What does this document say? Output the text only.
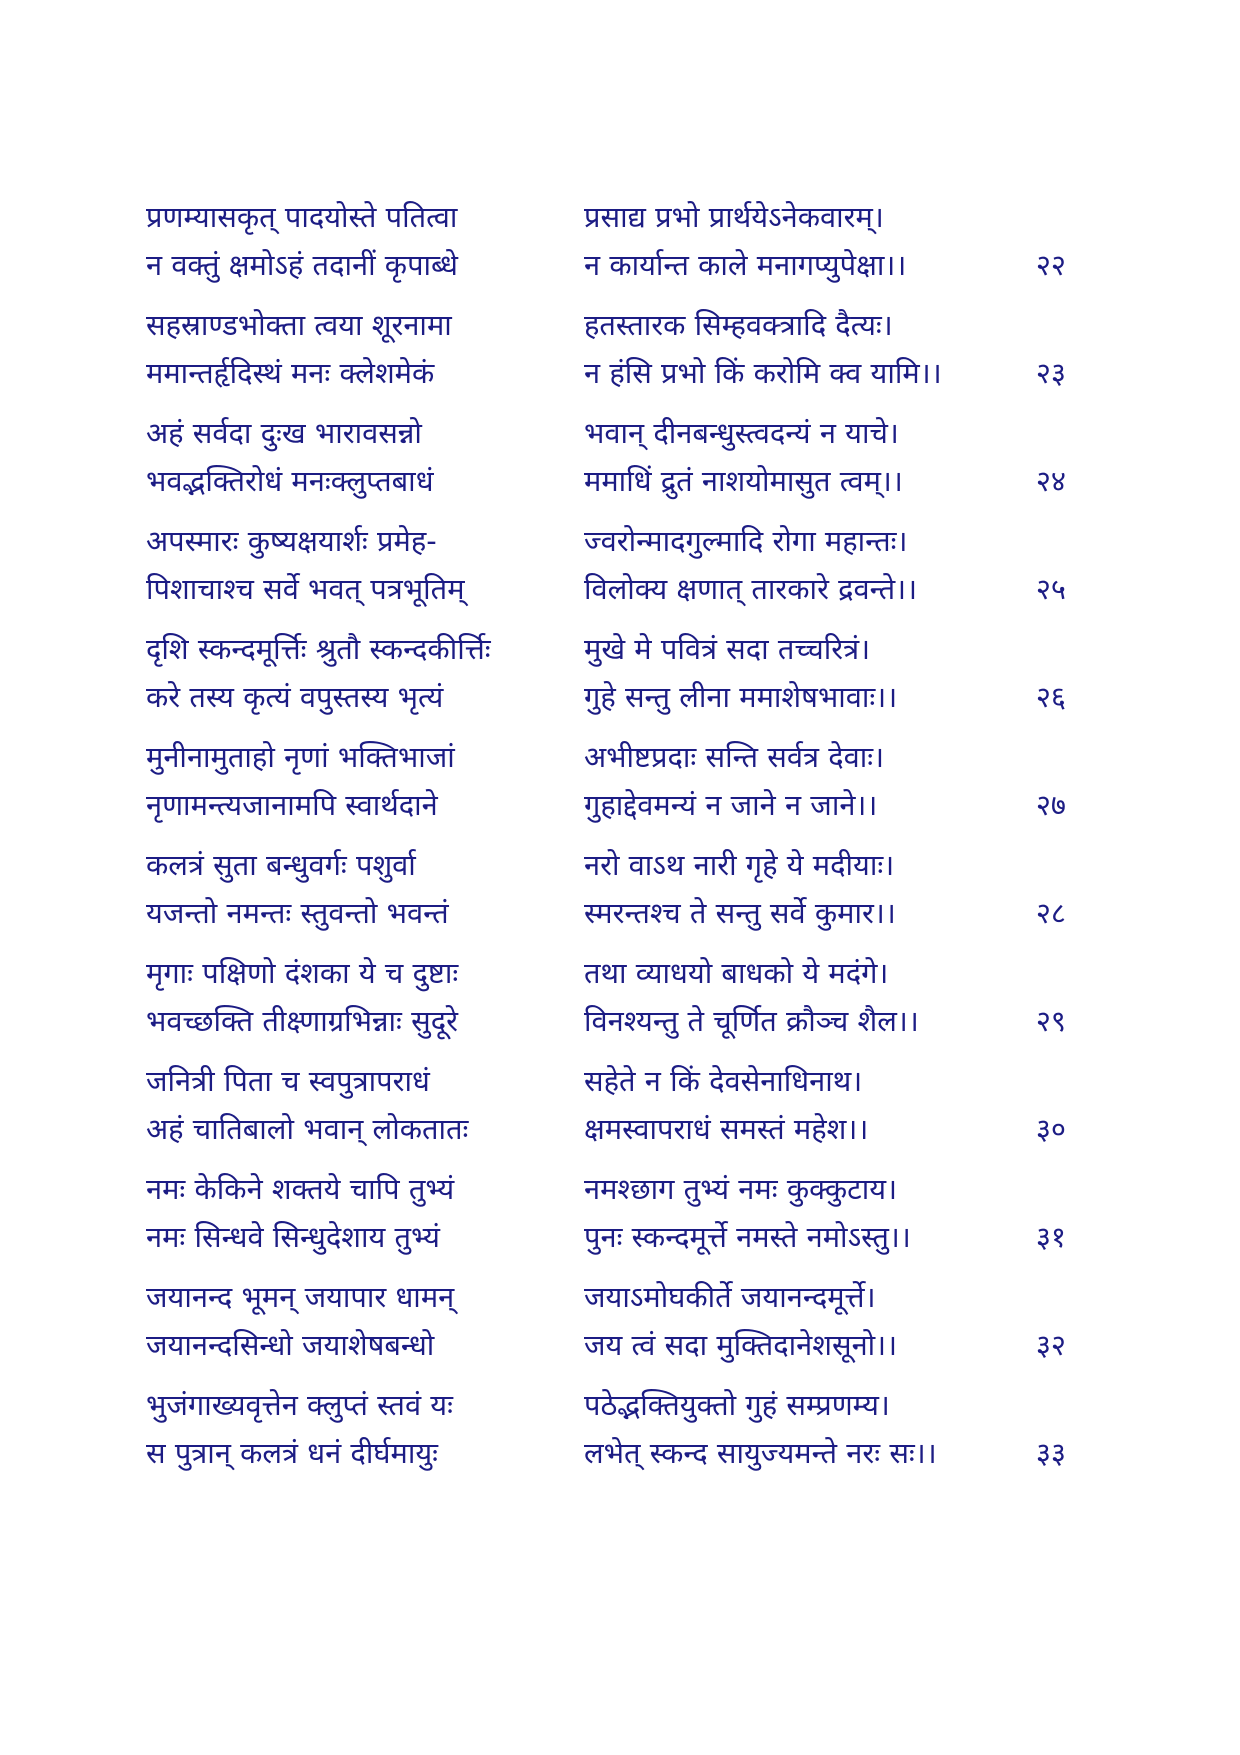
प्रणम्यासकृत् पादयोस्ते पतित्वा	प्रसाद्य प्रभो प्रार्थयेऽनेकवारम्।
न वक्तुं क्षमोऽहं तदानीं कृपाब्धे	न कार्यान्त काले मनागप्युपेक्षा।।	२२
सहस्राण्डभोक्ता त्वया शूरनामा	हतस्तारक सिम्हवक्त्रादि दैत्यः।
ममान्तर्हृदिस्थं मनः क्लेशमेकं	न हंसि प्रभो किं करोमि क्व यामि।।	२३
अहं सर्वदा दुःख भारावसन्नो	भवान् दीनबन्धुस्त्वदन्यं न याचे।
भवद्भक्तिरोधं मनःक्लुप्तबाधं	ममाधिं द्रुतं नाशयोमासुत त्वम्।।	२४
अपस्मारः कुष्यक्षयार्शः प्रमेह-	ज्वरोन्मादगुल्मादि रोगा महान्तः।
पिशाचाश्च सर्वे भवत् पत्रभूतिम्	विलोक्य क्षणात् तारकारे द्रवन्ते।।	२५
दृशि स्कन्दमूर्त्तिः श्रुतौ स्कन्दकीर्त्तिः	मुखे मे पवित्रं सदा तच्चरित्रं।
करे तस्य कृत्यं वपुस्तस्य भृत्यं	गुहे सन्तु लीना ममाशेषभावाः।।	२६
मुनीनामुताहो नृणां भक्तिभाजां	अभीष्टप्रदाः सन्ति सर्वत्र देवाः।
नृणामन्त्यजानामपि स्वार्थदाने	गुहाद्देवमन्यं न जाने न जाने।।	२७
कलत्रं सुता बन्धुवर्गः पशुर्वा	नरो वाऽथ नारी गृहे ये मदीयाः।
यजन्तो नमन्तः स्तुवन्तो भवन्तं	स्मरन्तश्च ते सन्तु सर्वे कुमार।।	२८
मृगाः पक्षिणो दंशका ये च दुष्टाः	तथा व्याधयो बाधको ये मदंगे।
भवच्छक्ति तीक्ष्णाग्रभिन्नाः सुदूरे	विनश्यन्तु ते चूर्णित क्रौञ्च शैल।।	२९
जनित्री पिता च स्वपुत्रापराधं	सहेते न किं देवसेनाधिनाथ।
अहं चातिबालो भवान् लोकतातः	क्षमस्वापराधं समस्तं महेश।।	३०
नमः केकिने शक्तये चापि तुभ्यं	नमश्छाग तुभ्यं नमः कुक्कुटाय।
नमः सिन्धवे सिन्धुदेशाय तुभ्यं	पुनः स्कन्दमूर्त्ते नमस्ते नमोऽस्तु।।	३१
जयानन्द भूमन् जयापार धामन्	जयाऽमोघकीर्ते जयानन्दमूर्त्ते।
जयानन्दसिन्धो जयाशेषबन्धो	जय त्वं सदा मुक्तिदानेशसूनो।।	३२
भुजंगाख्यवृत्तेन क्लुप्तं स्तवं यः	पठेद्भक्तियुक्तो गुहं सम्प्रणम्य।
स पुत्रान् कलत्रं धनं दीर्घमायुः	लभेत् स्कन्द सायुज्यमन्ते नरः सः।।	३३
